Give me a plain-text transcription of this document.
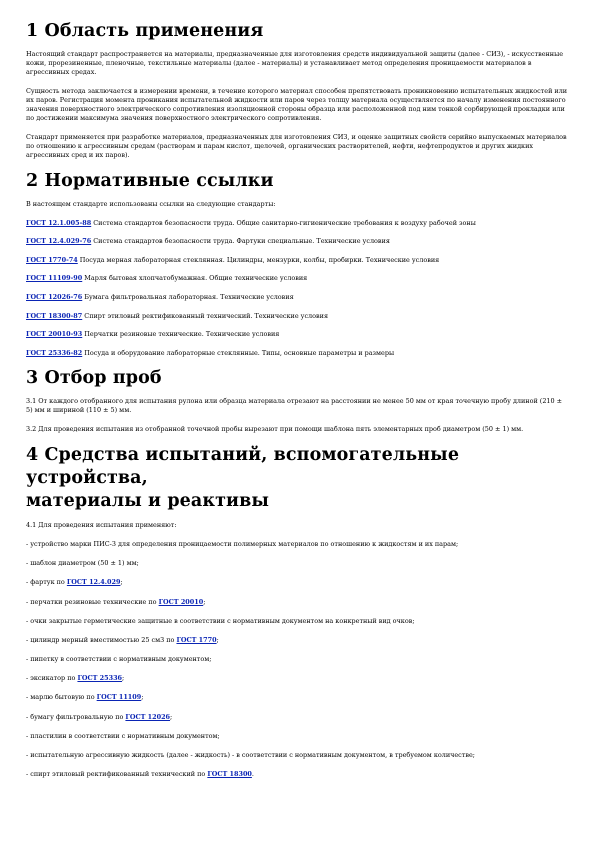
1 Область применения

Настоящий стандарт распространяется на материалы, предназначенные для изготовления средств индивидуальной защиты (далее - СИЗ), - искусственные кожи, прорезиненные, пленочные, текстильные материалы (далее - материалы) и устанавливает метод определения проницаемости материалов в агрессивных средах.

Сущность метода заключается в измерении времени, в течение которого материал способен препятствовать проникновению испытательных жидкостей или их паров. Регистрация момента проникания испытательной жидкости или паров через толщу материала осуществляется по началу изменения постоянного значения поверхностного электрического сопротивления изоляционной стороны образца или расположенной под ним тонкой сорбирующей прокладки или по достижении максимума значения поверхностного электрического сопротивления.

Стандарт применяется при разработке материалов, предназначенных для изготовления СИЗ, и оценке защитных свойств серийно выпускаемых материалов по отношению к агрессивным средам (растворам и парам кислот, щелочей, органических растворителей, нефти, нефтепродуктов и других жидких агрессивных сред и их паров).

2 Нормативные ссылки

В настоящем стандарте использованы ссылки на следующие стандарты:

ГОСТ 12.1.005-88 Система стандартов безопасности труда. Общие санитарно-гигиенические требования к воздуху рабочей зоны

ГОСТ 12.4.029-76 Система стандартов безопасности труда. Фартуки специальные. Технические условия

ГОСТ 1770-74 Посуда мерная лабораторная стеклянная. Цилиндры, мензурки, колбы, пробирки. Технические условия

ГОСТ 11109-90 Марля бытовая хлопчатобумажная. Общие технические условия

ГОСТ 12026-76 Бумага фильтровальная лабораторная. Технические условия

ГОСТ 18300-87 Спирт этиловый ректификованный технический. Технические условия

ГОСТ 20010-93 Перчатки резиновые технические. Технические условия

ГОСТ 25336-82 Посуда и оборудование лабораторные стеклянные. Типы, основные параметры и размеры

3 Отбор проб

3.1 От каждого отобранного для испытания рулона или образца материала отрезают на расстоянии не менее 50 мм от края точечную пробу длиной (210 ± 5) мм и шириной (110 ± 5) мм.

3.2 Для проведения испытания из отобранной точечной пробы вырезают при помощи шаблона пять элементарных проб диаметром (50 ± 1) мм.

4 Средства испытаний, вспомогательные устройства,
материалы и реактивы

4.1 Для проведения испытания применяют:

- устройство марки ПИС-3 для определения проницаемости полимерных материалов по отношению к жидкостям и их парам;
- шаблон диаметром (50 ± 1) мм;
- фартук по ГОСТ 12.4.029;
- перчатки резиновые технические по ГОСТ 20010;
- очки закрытые герметические защитные в соответствии с нормативным документом на конкретный вид очков;
- цилиндр мерный вместимостью 25 см3 по ГОСТ 1770;
- пипетку в соответствии с нормативным документом;
- эксикатор по ГОСТ 25336;
- марлю бытовую по ГОСТ 11109;
- бумагу фильтровальную по ГОСТ 12026;
- пластилин в соответствии с нормативным документом;
- испытательную агрессивную жидкость (далее - жидкость) - в соответствии с нормативным документом, в требуемом количестве;
- спирт этиловый ректификованный технический по ГОСТ 18300.
